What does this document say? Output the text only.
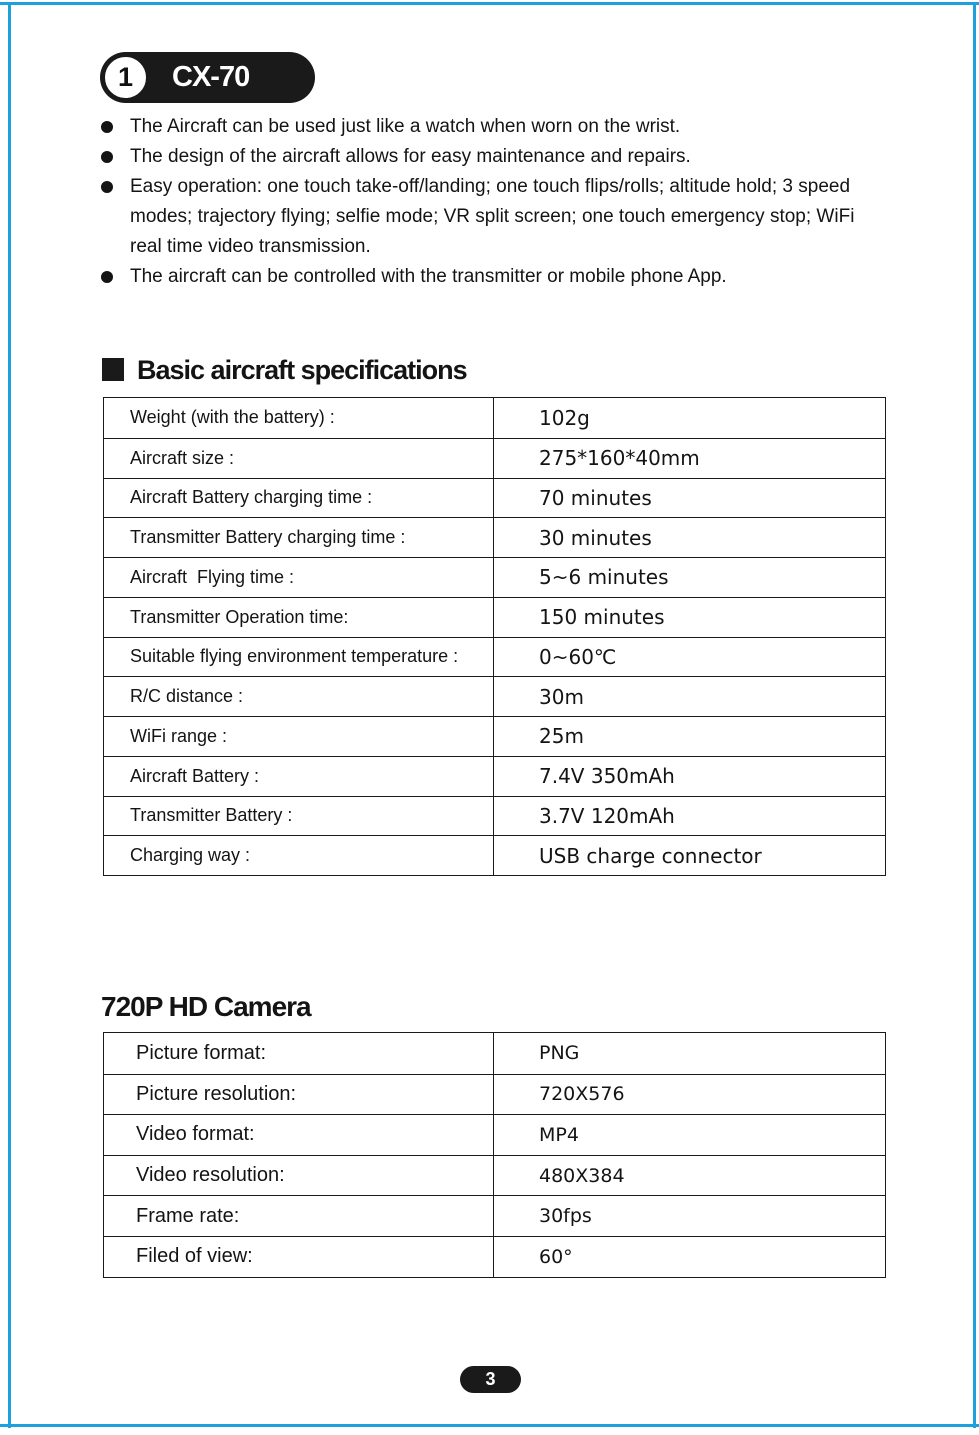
1	CX-70
The Aircraft can be used just like a watch when worn on the wrist.
The design of the aircraft allows for easy maintenance and repairs.
Easy operation: one touch take-off/landing; one touch flips/rolls; altitude hold; 3 speed
modes; trajectory flying; selfie mode; VR split screen; one touch emergency stop; WiFi
real time video transmission.
The aircraft can be controlled with the transmitter or mobile phone App.
Basic aircraft specifications
Weight (with the battery) :	102g
Aircraft size :	275*160*40mm
Aircraft Battery charging time :	70 minutes
Transmitter Battery charging time :	30 minutes
Aircraft  Flying time :	5~6 minutes
Transmitter Operation time:	150 minutes
Suitable flying environment temperature :	0~60℃
R/C distance :	30m
WiFi range :	25m
Aircraft Battery :	7.4V 350mAh
Transmitter Battery :	3.7V 120mAh
Charging way :	USB charge connector
720P HD Camera
Picture format:	PNG
Picture resolution:	720X576
Video format:	MP4
Video resolution:	480X384
Frame rate:	30fps
Filed of view:	60°
3
